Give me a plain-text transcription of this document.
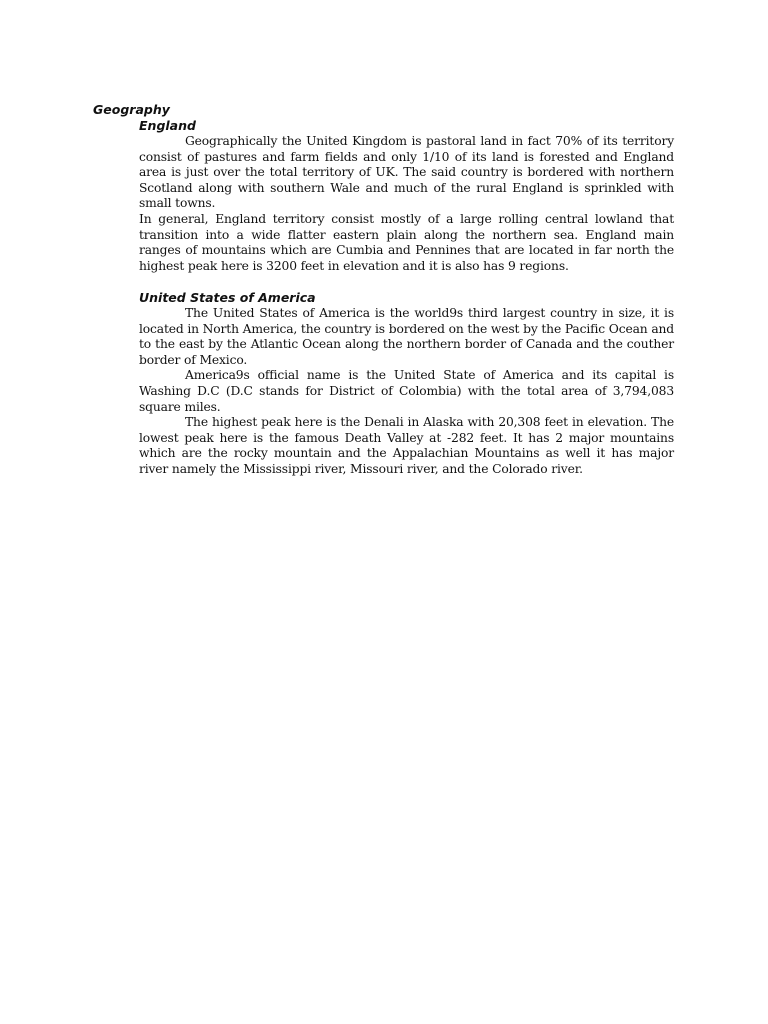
Geography
England

Geographically the United Kingdom is pastoral land in fact 70% of its territory consist of pastures and farm fields and only 1/10 of its land is forested and England area is just over the total territory of UK. The said country is bordered with northern Scotland along with southern Wale and much of the rural England is sprinkled with small towns.

In general, England territory consist mostly of a large rolling central lowland that transition into a wide flatter eastern plain along the northern sea. England main ranges of mountains which are Cumbia and Pennines that are located in far north the highest peak here is 3200 feet in elevation and it is also has 9 regions.

United States of America

The United States of America is the world9s third largest country in size, it is located in North America, the country is bordered on the west by the Pacific Ocean and to the east by the Atlantic Ocean along the northern border of Canada and the couther border of Mexico.

America9s official name is the United State of America and its capital is Washing D.C (D.C stands for District of Colombia) with the total area of 3,794,083 square miles.

The highest peak here is the Denali in Alaska with 20,308 feet in elevation. The lowest peak here is the famous Death Valley at -282 feet. It has 2 major mountains which are the rocky mountain and the Appalachian Mountains as well it has major river namely the Mississippi river, Missouri river, and the Colorado river.
